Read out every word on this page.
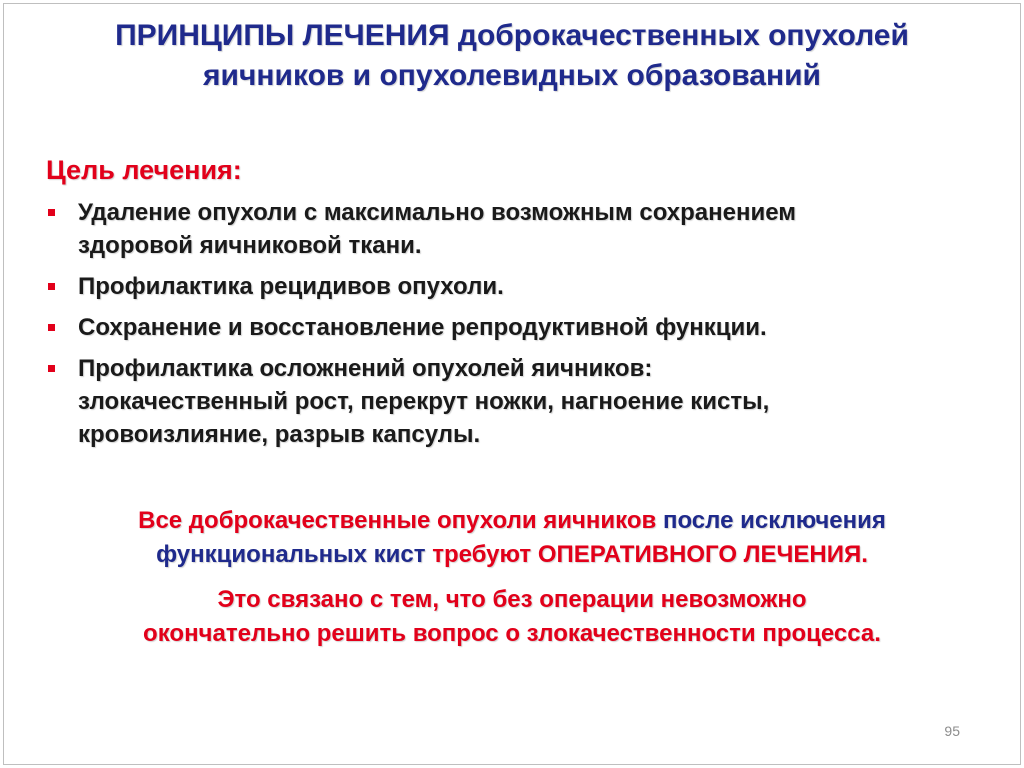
ПРИНЦИПЫ ЛЕЧЕНИЯ доброкачественных опухолей
яичников и опухолевидных образований
Цель лечения:
Удаление опухоли с максимально возможным сохранением
здоровой яичниковой ткани.
Профилактика рецидивов опухоли.
Сохранение и восстановление репродуктивной функции.
Профилактика осложнений опухолей яичников:
злокачественный рост, перекрут ножки, нагноение кисты,
кровоизлияние, разрыв капсулы.
Все доброкачественные опухоли яичников после исключения
функциональных кист требуют ОПЕРАТИВНОГО ЛЕЧЕНИЯ.
Это связано с тем, что без операции невозможно
окончательно решить вопрос о злокачественности процесса.
95
